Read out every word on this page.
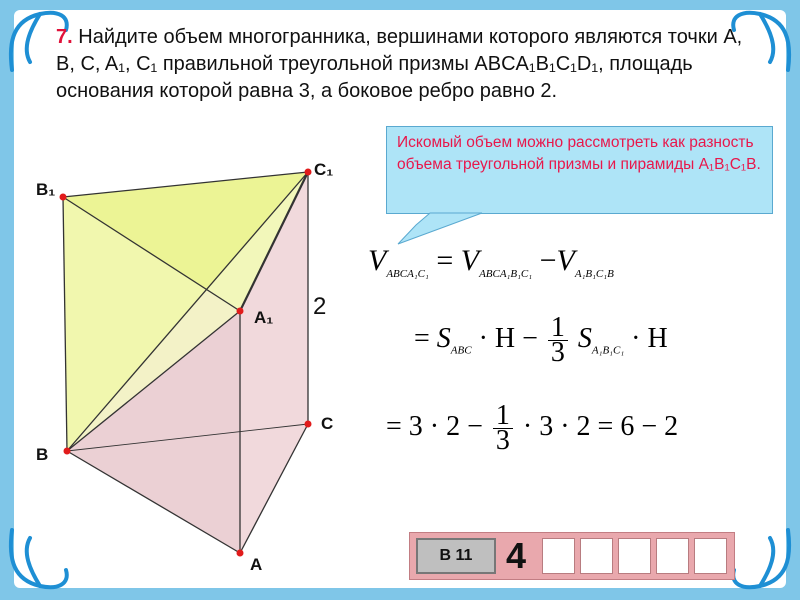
7. Найдите объем многогранника, вершинами которого являются точки A, B, C, A₁, C₁ правильной треугольной призмы ABCA₁B₁C₁D₁, площадь основания которой равна 3, а боковое ребро равно 2.

Искомый объем можно рассмотреть как разность объема треугольной призмы и пирамиды A₁B₁C₁B.

B₁

C₁

A₁

B

C

A

2

$V_{ABCA_1C_1} = V_{ABCA_1B_1C_1} -V_{A_1B_1C_1B}$
= $S_{ABC} \cdot H - \frac{1}{3} S_{A_1B_1C_1} \cdot H$
= $3 \cdot 2 - \frac{1}{3} \cdot 3 \cdot 2 = 6 - 2$
B 11 4
